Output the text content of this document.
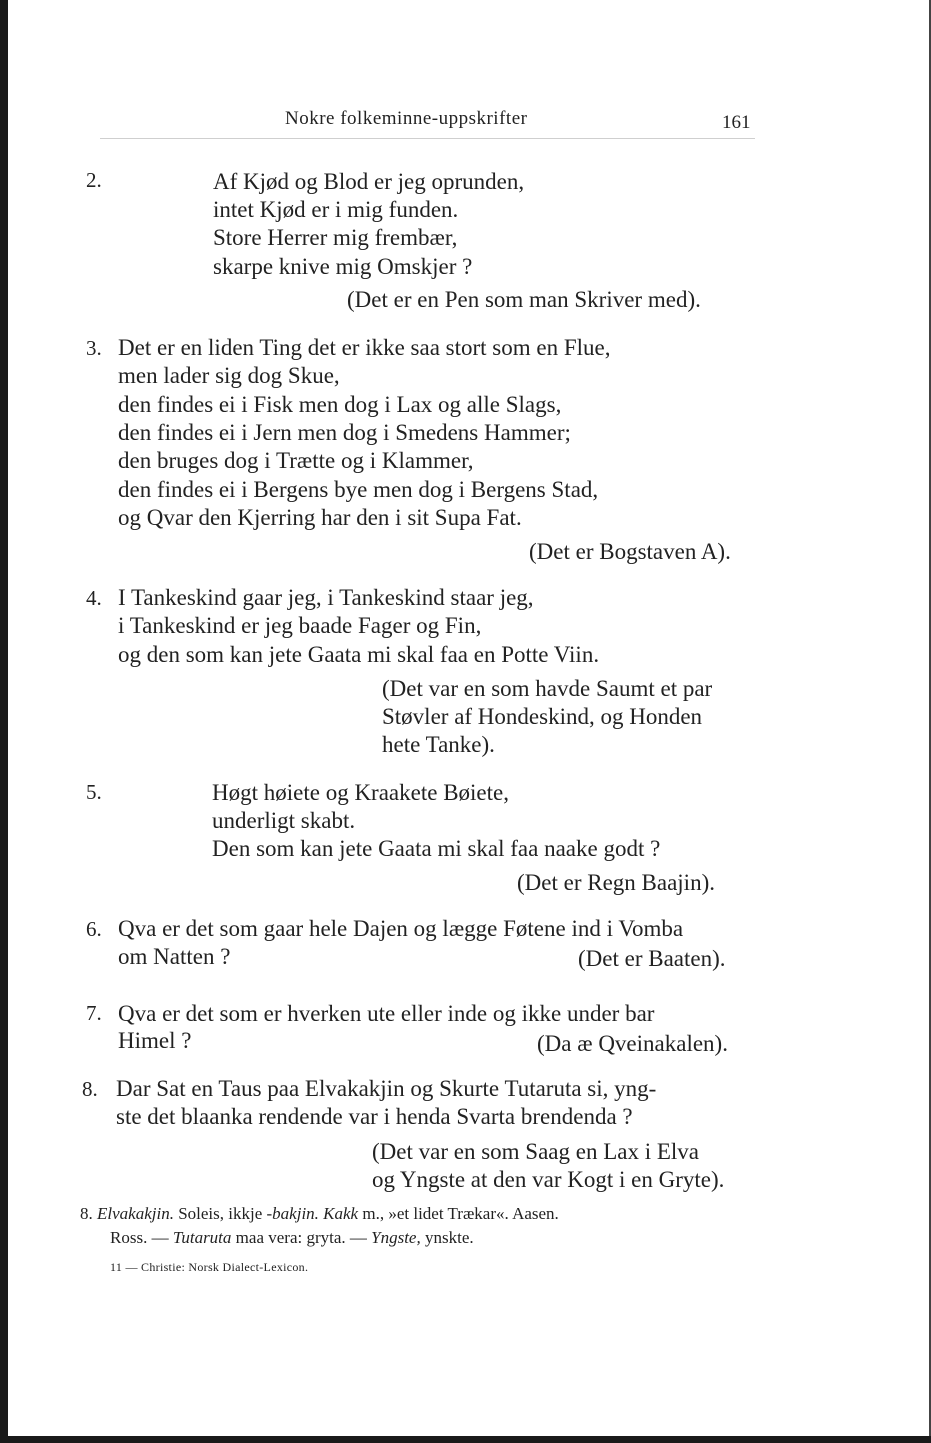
Nokre folkeminne-uppskrifter	161
2.	Af Kjød og Blod er jeg oprunden,
intet Kjød er i mig funden.
Store Herrer mig frembær,
skarpe knive mig Omskjer ?
(Det er en Pen som man Skriver med).
3. Det er en liden Ting det er ikke saa stort som en Flue,
men lader sig dog Skue,
den findes ei i Fisk men dog i Lax og alle Slags,
den findes ei i Jern men dog i Smedens Hammer;
den bruges dog i Trætte og i Klammer,
den findes ei i Bergens bye men dog i Bergens Stad,
og Qvar den Kjerring har den i sit Supa Fat.
(Det er Bogstaven A).
4. I Tankeskind gaar jeg, i Tankeskind staar jeg,
i Tankeskind er jeg baade Fager og Fin,
og den som kan jete Gaata mi skal faa en Potte Viin.
(Det var en som havde Saumt et par
Støvler af Hondeskind, og Honden
hete Tanke).
5.	Høgt høiete og Kraakete Bøiete,
underligt skabt.
Den som kan jete Gaata mi skal faa naake godt ?
(Det er Regn Baajin).
6. Qva er det som gaar hele Dajen og lægge Føtene ind i Vomba
om Natten ?	(Det er Baaten).
7. Qva er det som er hverken ute eller inde og ikke under bar
Himel ?	(Da æ Qveinakalen).
8. Dar Sat en Taus paa Elvakakjin og Skurte Tutaruta si, yng-
ste det blaanka rendende var i henda Svarta brendenda ?
(Det var en som Saag en Lax i Elva
og Yngste at den var Kogt i en Gryte).
8. Elvakakjin. Soleis, ikkje -bakjin. Kakk m., »et lidet Trækar«. Aasen.
Ross. — Tutaruta maa vera: gryta. — Yngste, ynskte.
11 — Christie: Norsk Dialect-Lexicon.
